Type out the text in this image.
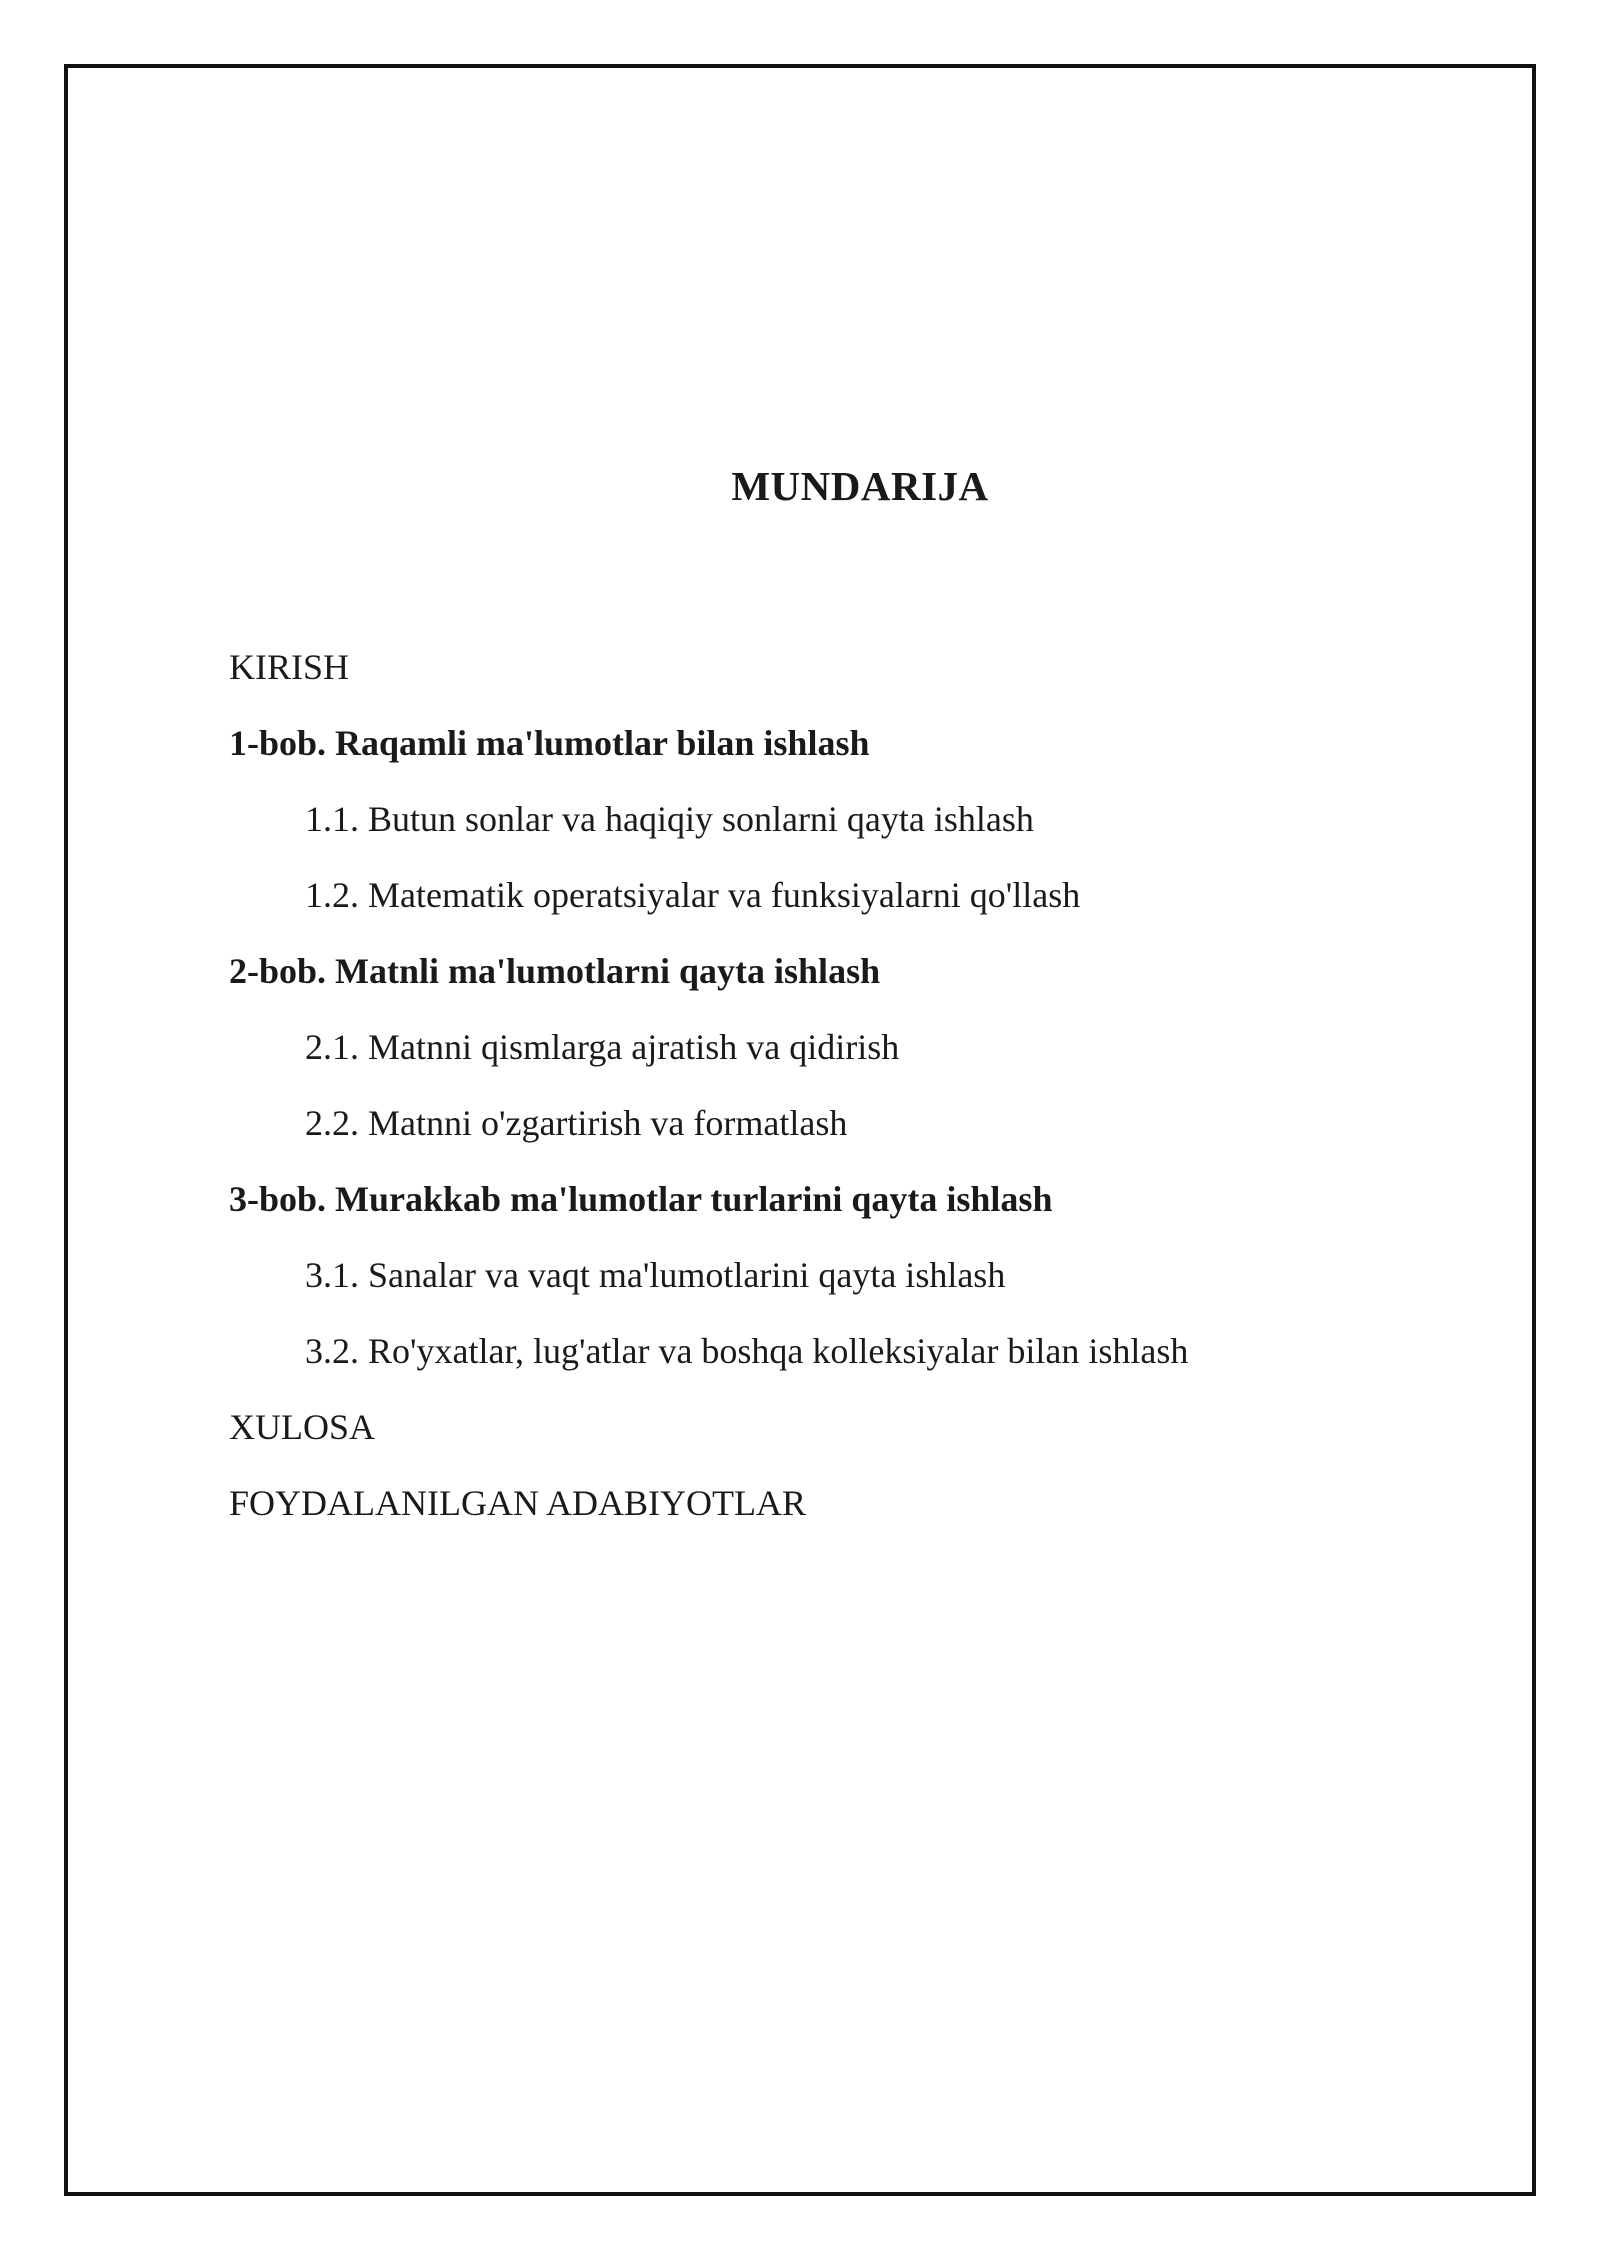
MUNDARIJA
KIRISH
1-bob. Raqamli ma'lumotlar bilan ishlash
1.1. Butun sonlar va haqiqiy sonlarni qayta ishlash
1.2. Matematik operatsiyalar va funksiyalarni qo'llash
2-bob. Matnli ma'lumotlarni qayta ishlash
2.1. Matnni qismlarga ajratish va qidirish
2.2. Matnni o'zgartirish va formatlash
3-bob. Murakkab ma'lumotlar turlarini qayta ishlash
3.1. Sanalar va vaqt ma'lumotlarini qayta ishlash
3.2. Ro'yxatlar, lug'atlar va boshqa kolleksiyalar bilan ishlash
XULOSA
FOYDALANILGAN ADABIYOTLAR
